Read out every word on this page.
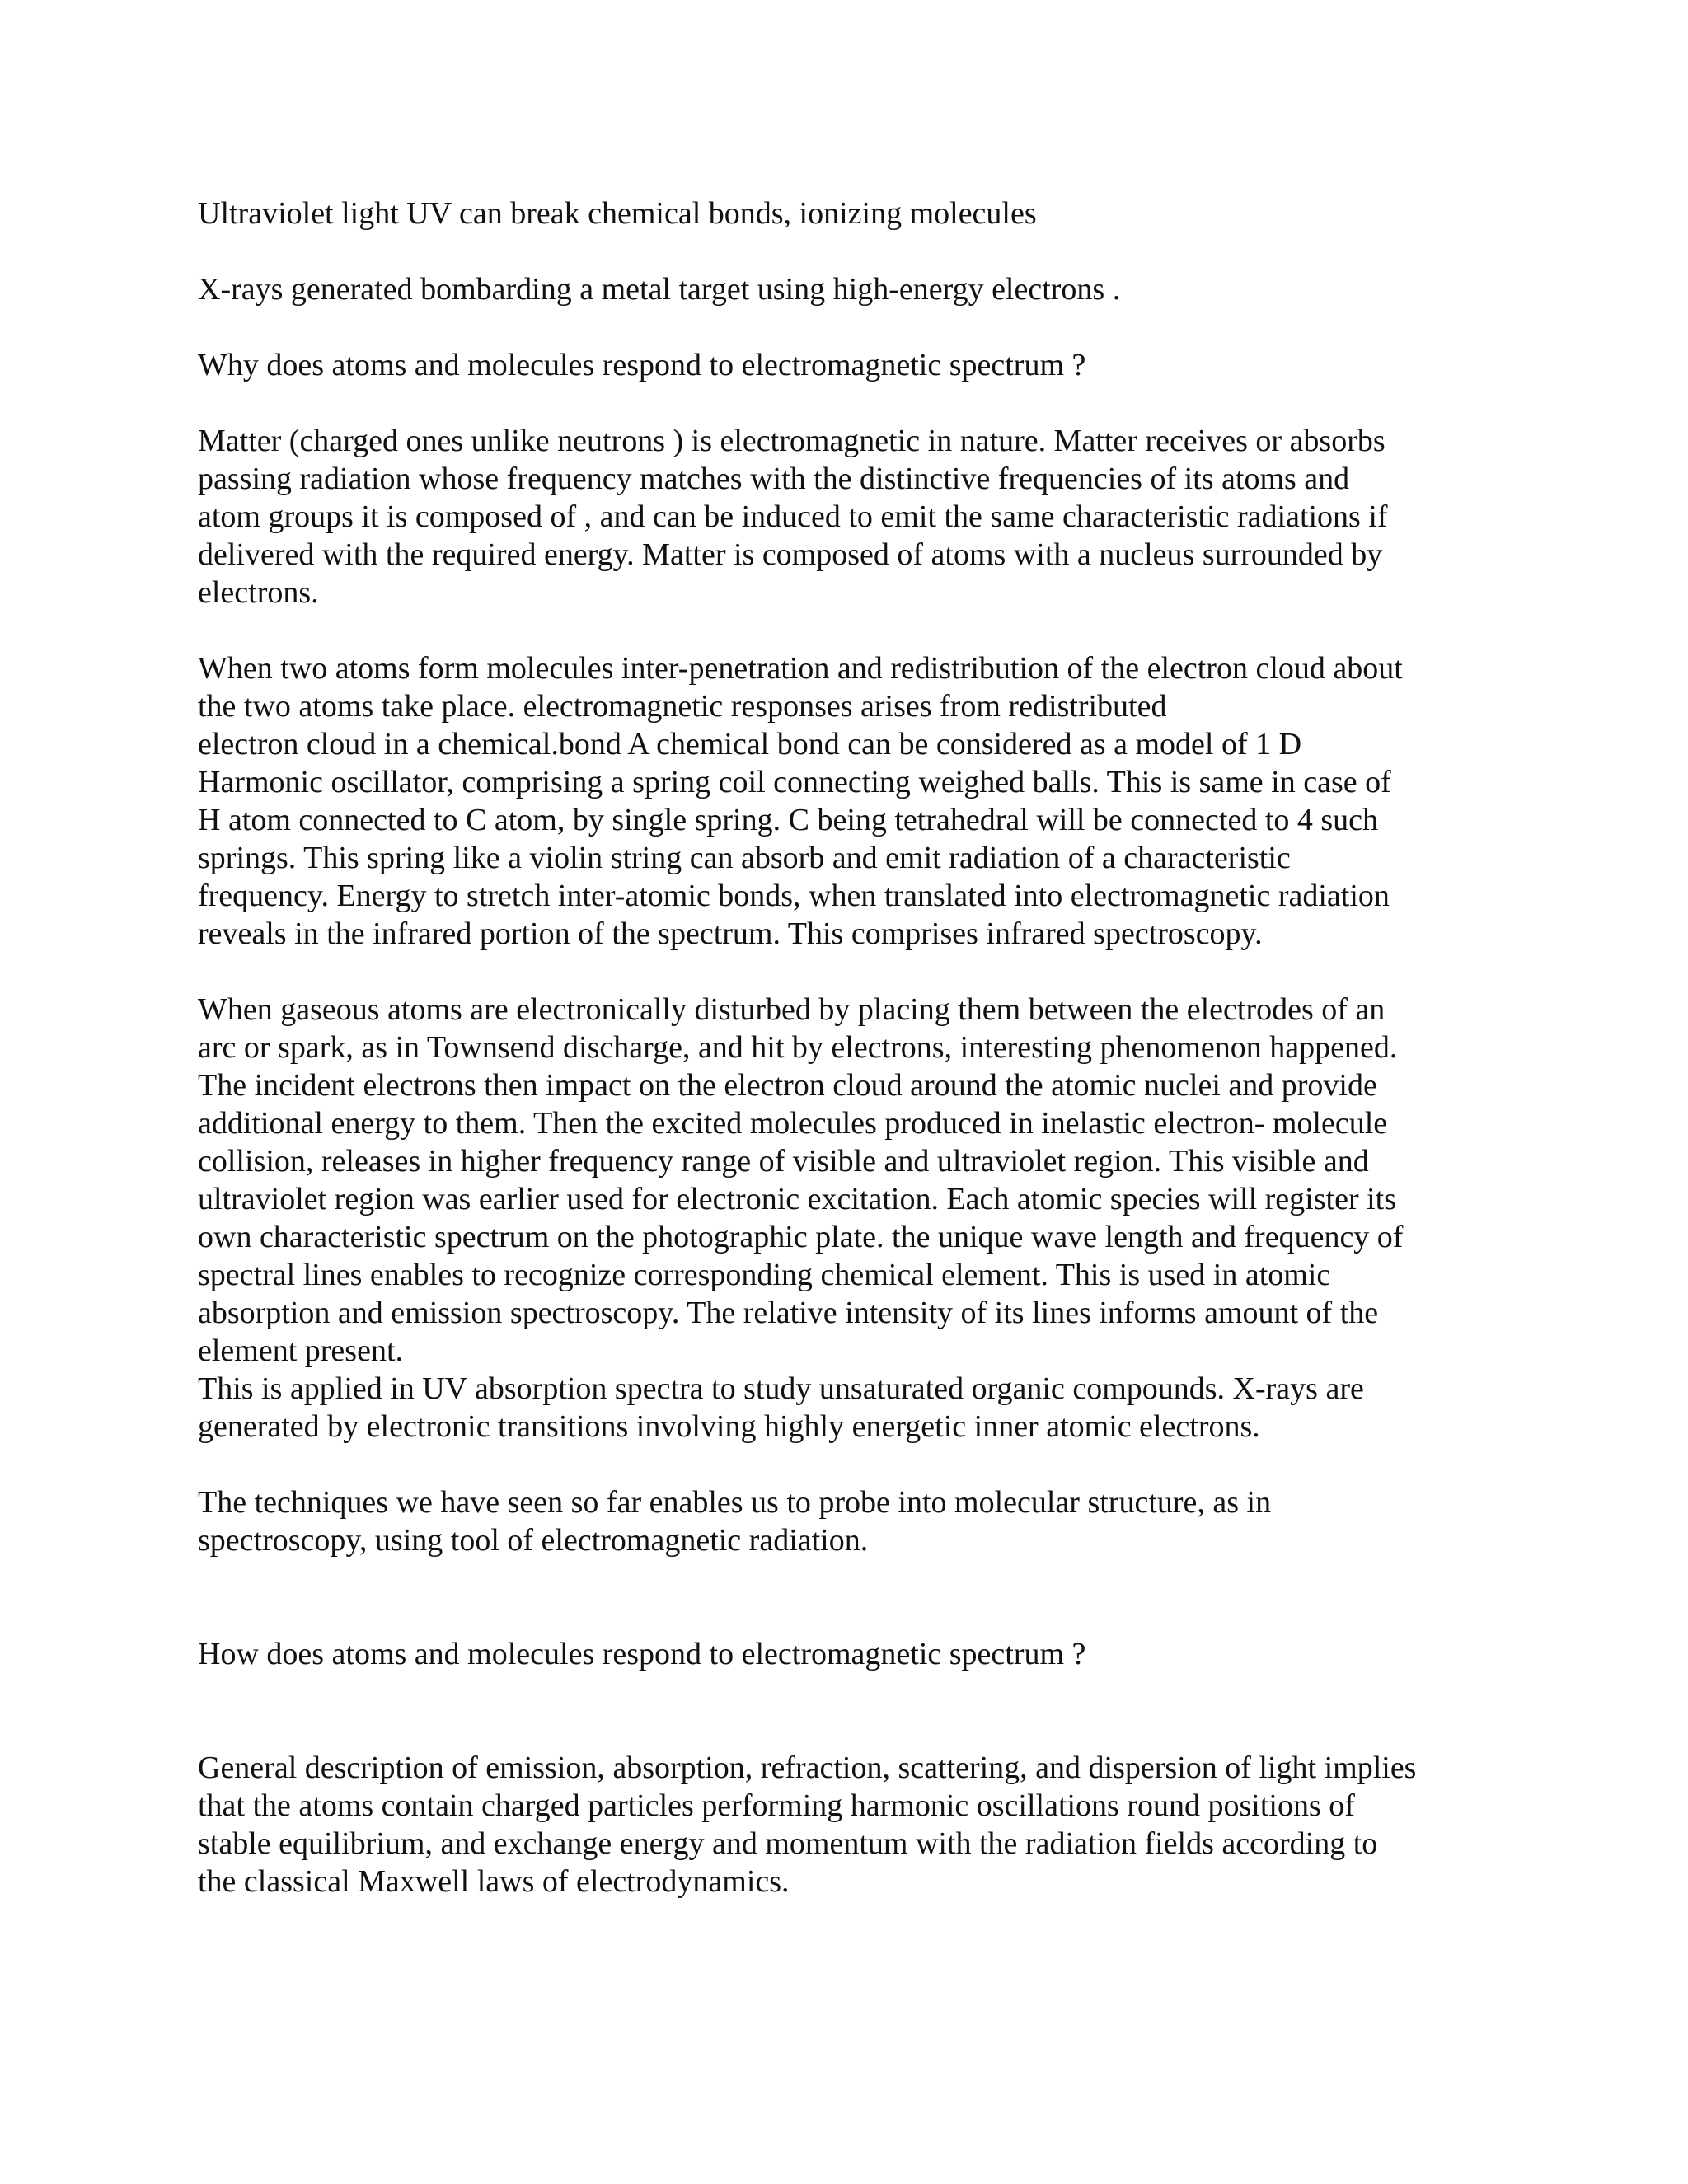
Ultraviolet light UV can break chemical bonds, ionizing molecules

X-rays generated bombarding a metal target using high-energy electrons .

Why does atoms and molecules respond to electromagnetic spectrum ?

Matter (charged ones unlike neutrons ) is electromagnetic in nature. Matter receives or absorbs
passing radiation whose frequency matches with the distinctive frequencies of its atoms and
atom groups it is composed of , and can be induced to emit the same characteristic radiations if
delivered with the required energy. Matter is composed of atoms with a nucleus surrounded by
electrons.

When two atoms form molecules inter-penetration and redistribution of the electron cloud about
the two atoms take place. electromagnetic responses arises from redistributed
electron cloud in a chemical.bond A chemical bond can be considered as a model of 1 D
Harmonic oscillator, comprising a spring coil connecting weighed balls. This is same in case of
H atom connected to C atom, by single spring. C being tetrahedral will be connected to 4 such
springs. This spring like a violin string can absorb and emit radiation of a characteristic
frequency. Energy to stretch inter-atomic bonds, when translated into electromagnetic radiation
reveals in the infrared portion of the spectrum. This comprises infrared spectroscopy.

When gaseous atoms are electronically disturbed by placing them between the electrodes of an
arc or spark, as in Townsend discharge, and hit by electrons, interesting phenomenon happened.
The incident electrons then impact on the electron cloud around the atomic nuclei and provide
additional energy to them. Then the excited molecules produced in inelastic electron- molecule
collision, releases in higher frequency range of visible and ultraviolet region. This visible and
ultraviolet region was earlier used for electronic excitation. Each atomic species will register its
own characteristic spectrum on the photographic plate. the unique wave length and frequency of
spectral lines enables to recognize corresponding chemical element. This is used in atomic
absorption and emission spectroscopy. The relative intensity of its lines informs amount of the
element present.
This is applied in UV absorption spectra to study unsaturated organic compounds. X-rays are
generated by electronic transitions involving highly energetic inner atomic electrons.

The techniques we have seen so far enables us to probe into molecular structure, as in
spectroscopy, using tool of electromagnetic radiation.

How does atoms and molecules respond to electromagnetic spectrum ?

General description of emission, absorption, refraction, scattering, and dispersion of light implies
that the atoms contain charged particles performing harmonic oscillations round positions of
stable equilibrium, and exchange energy and momentum with the radiation fields according to
the classical Maxwell laws of electrodynamics.
